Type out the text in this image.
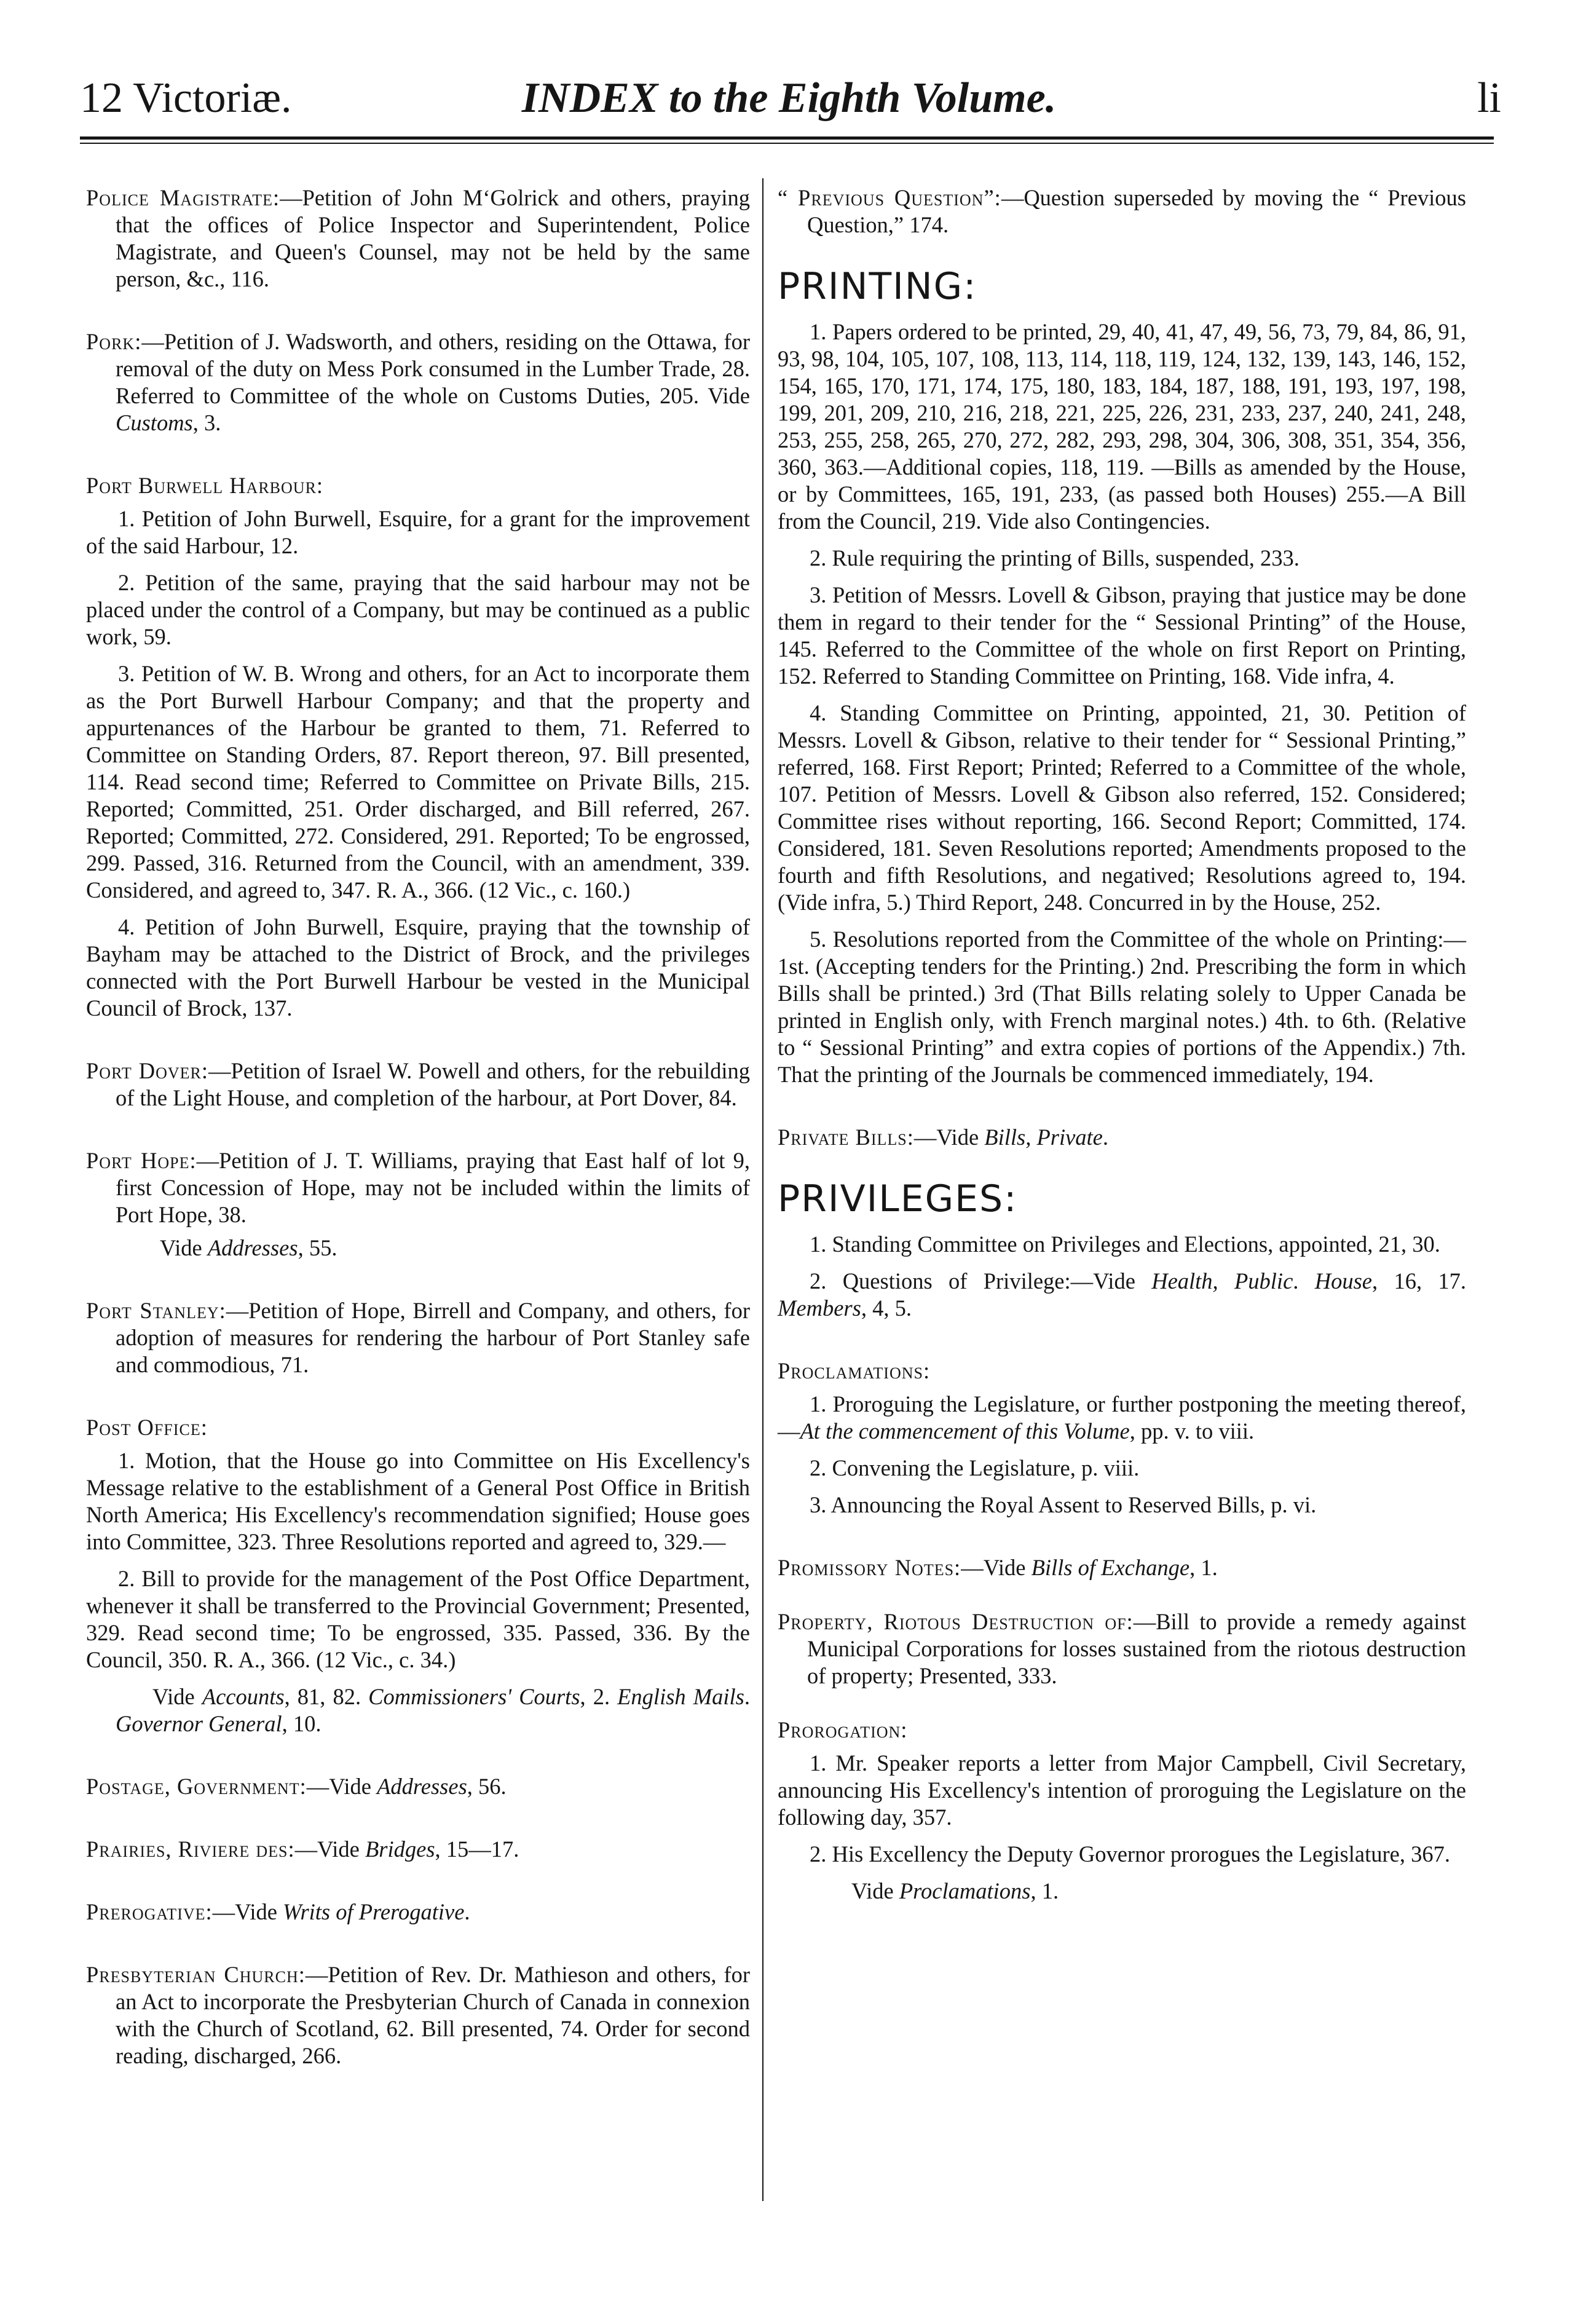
12 Victoriæ.	INDEX to the Eighth Volume.	li

Police Magistrate:—Petition of John M‘Golrick and others, praying that the offices of Police Inspector and Superintendent, Police Magistrate, and Queen's Counsel, may not be held by the same person, &c., 116.

Pork:—Petition of J. Wadsworth, and others, residing on the Ottawa, for removal of the duty on Mess Pork consumed in the Lumber Trade, 28. Referred to Committee of the whole on Customs Duties, 205. Vide Customs, 3.

Port Burwell Harbour:

1. Petition of John Burwell, Esquire, for a grant for the improvement of the said Harbour, 12.

2. Petition of the same, praying that the said harbour may not be placed under the control of a Company, but may be continued as a public work, 59.

3. Petition of W. B. Wrong and others, for an Act to incorporate them as the Port Burwell Harbour Company; and that the property and appurtenances of the Harbour be granted to them, 71. Referred to Committee on Standing Orders, 87. Report thereon, 97. Bill presented, 114. Read second time; Referred to Committee on Private Bills, 215. Reported; Committed, 251. Order discharged, and Bill referred, 267. Reported; Committed, 272. Considered, 291. Reported; To be engrossed, 299. Passed, 316. Returned from the Council, with an amendment, 339. Considered, and agreed to, 347. R. A., 366. (12 Vic., c. 160.)

4. Petition of John Burwell, Esquire, praying that the township of Bayham may be attached to the District of Brock, and the privileges connected with the Port Burwell Harbour be vested in the Municipal Council of Brock, 137.

Port Dover:—Petition of Israel W. Powell and others, for the rebuilding of the Light House, and completion of the harbour, at Port Dover, 84.

Port Hope:—Petition of J. T. Williams, praying that East half of lot 9, first Concession of Hope, may not be included within the limits of Port Hope, 38.

Vide Addresses, 55.

Port Stanley:—Petition of Hope, Birrell and Company, and others, for adoption of measures for rendering the harbour of Port Stanley safe and commodious, 71.

Post Office:

1. Motion, that the House go into Committee on His Excellency's Message relative to the establishment of a General Post Office in British North America; His Excellency's recommendation signified; House goes into Committee, 323. Three Resolutions reported and agreed to, 329.—

2. Bill to provide for the management of the Post Office Department, whenever it shall be transferred to the Provincial Government; Presented, 329. Read second time; To be engrossed, 335. Passed, 336. By the Council, 350. R. A., 366. (12 Vic., c. 34.)

Vide Accounts, 81, 82. Commissioners' Courts, 2. English Mails. Governor General, 10.

Postage, Government:—Vide Addresses, 56.

Prairies, Riviere des:—Vide Bridges, 15—17.

Prerogative:—Vide Writs of Prerogative.

Presbyterian Church:—Petition of Rev. Dr. Mathieson and others, for an Act to incorporate the Presbyterian Church of Canada in connexion with the Church of Scotland, 62. Bill presented, 74. Order for second reading, discharged, 266.

“ Previous Question”:—Question superseded by moving the “ Previous Question,” 174.

PRINTING:

1. Papers ordered to be printed, 29, 40, 41, 47, 49, 56, 73, 79, 84, 86, 91, 93, 98, 104, 105, 107, 108, 113, 114, 118, 119, 124, 132, 139, 143, 146, 152, 154, 165, 170, 171, 174, 175, 180, 183, 184, 187, 188, 191, 193, 197, 198, 199, 201, 209, 210, 216, 218, 221, 225, 226, 231, 233, 237, 240, 241, 248, 253, 255, 258, 265, 270, 272, 282, 293, 298, 304, 306, 308, 351, 354, 356, 360, 363.—Additional copies, 118, 119. —Bills as amended by the House, or by Committees, 165, 191, 233, (as passed both Houses) 255.—A Bill from the Council, 219. Vide also Contingencies.

2. Rule requiring the printing of Bills, suspended, 233.

3. Petition of Messrs. Lovell & Gibson, praying that justice may be done them in regard to their tender for the “ Sessional Printing” of the House, 145. Referred to the Committee of the whole on first Report on Printing, 152. Referred to Standing Committee on Printing, 168. Vide infra, 4.

4. Standing Committee on Printing, appointed, 21, 30. Petition of Messrs. Lovell & Gibson, relative to their tender for “ Sessional Printing,” referred, 168. First Report; Printed; Referred to a Committee of the whole, 107. Petition of Messrs. Lovell & Gibson also referred, 152. Considered; Committee rises without reporting, 166. Second Report; Committed, 174. Considered, 181. Seven Resolutions reported; Amendments proposed to the fourth and fifth Resolutions, and negatived; Resolutions agreed to, 194. (Vide infra, 5.) Third Report, 248. Concurred in by the House, 252.

5. Resolutions reported from the Committee of the whole on Printing:—1st. (Accepting tenders for the Printing.) 2nd. Prescribing the form in which Bills shall be printed.) 3rd (That Bills relating solely to Upper Canada be printed in English only, with French marginal notes.) 4th. to 6th. (Relative to “ Sessional Printing” and extra copies of portions of the Appendix.) 7th. That the printing of the Journals be commenced immediately, 194.

Private Bills:—Vide Bills, Private.

PRIVILEGES:

1. Standing Committee on Privileges and Elections, appointed, 21, 30.

2. Questions of Privilege:—Vide Health, Public. House, 16, 17. Members, 4, 5.

Proclamations:

1. Proroguing the Legislature, or further postponing the meeting thereof,—At the commencement of this Volume, pp. v. to viii.

2. Convening the Legislature, p. viii.

3. Announcing the Royal Assent to Reserved Bills, p. vi.

Promissory Notes:—Vide Bills of Exchange, 1.

Property, Riotous Destruction of:—Bill to provide a remedy against Municipal Corporations for losses sustained from the riotous destruction of property; Presented, 333.

Prorogation:

1. Mr. Speaker reports a letter from Major Campbell, Civil Secretary, announcing His Excellency's intention of proroguing the Legislature on the following day, 357.

2. His Excellency the Deputy Governor prorogues the Legislature, 367.

Vide Proclamations, 1.
